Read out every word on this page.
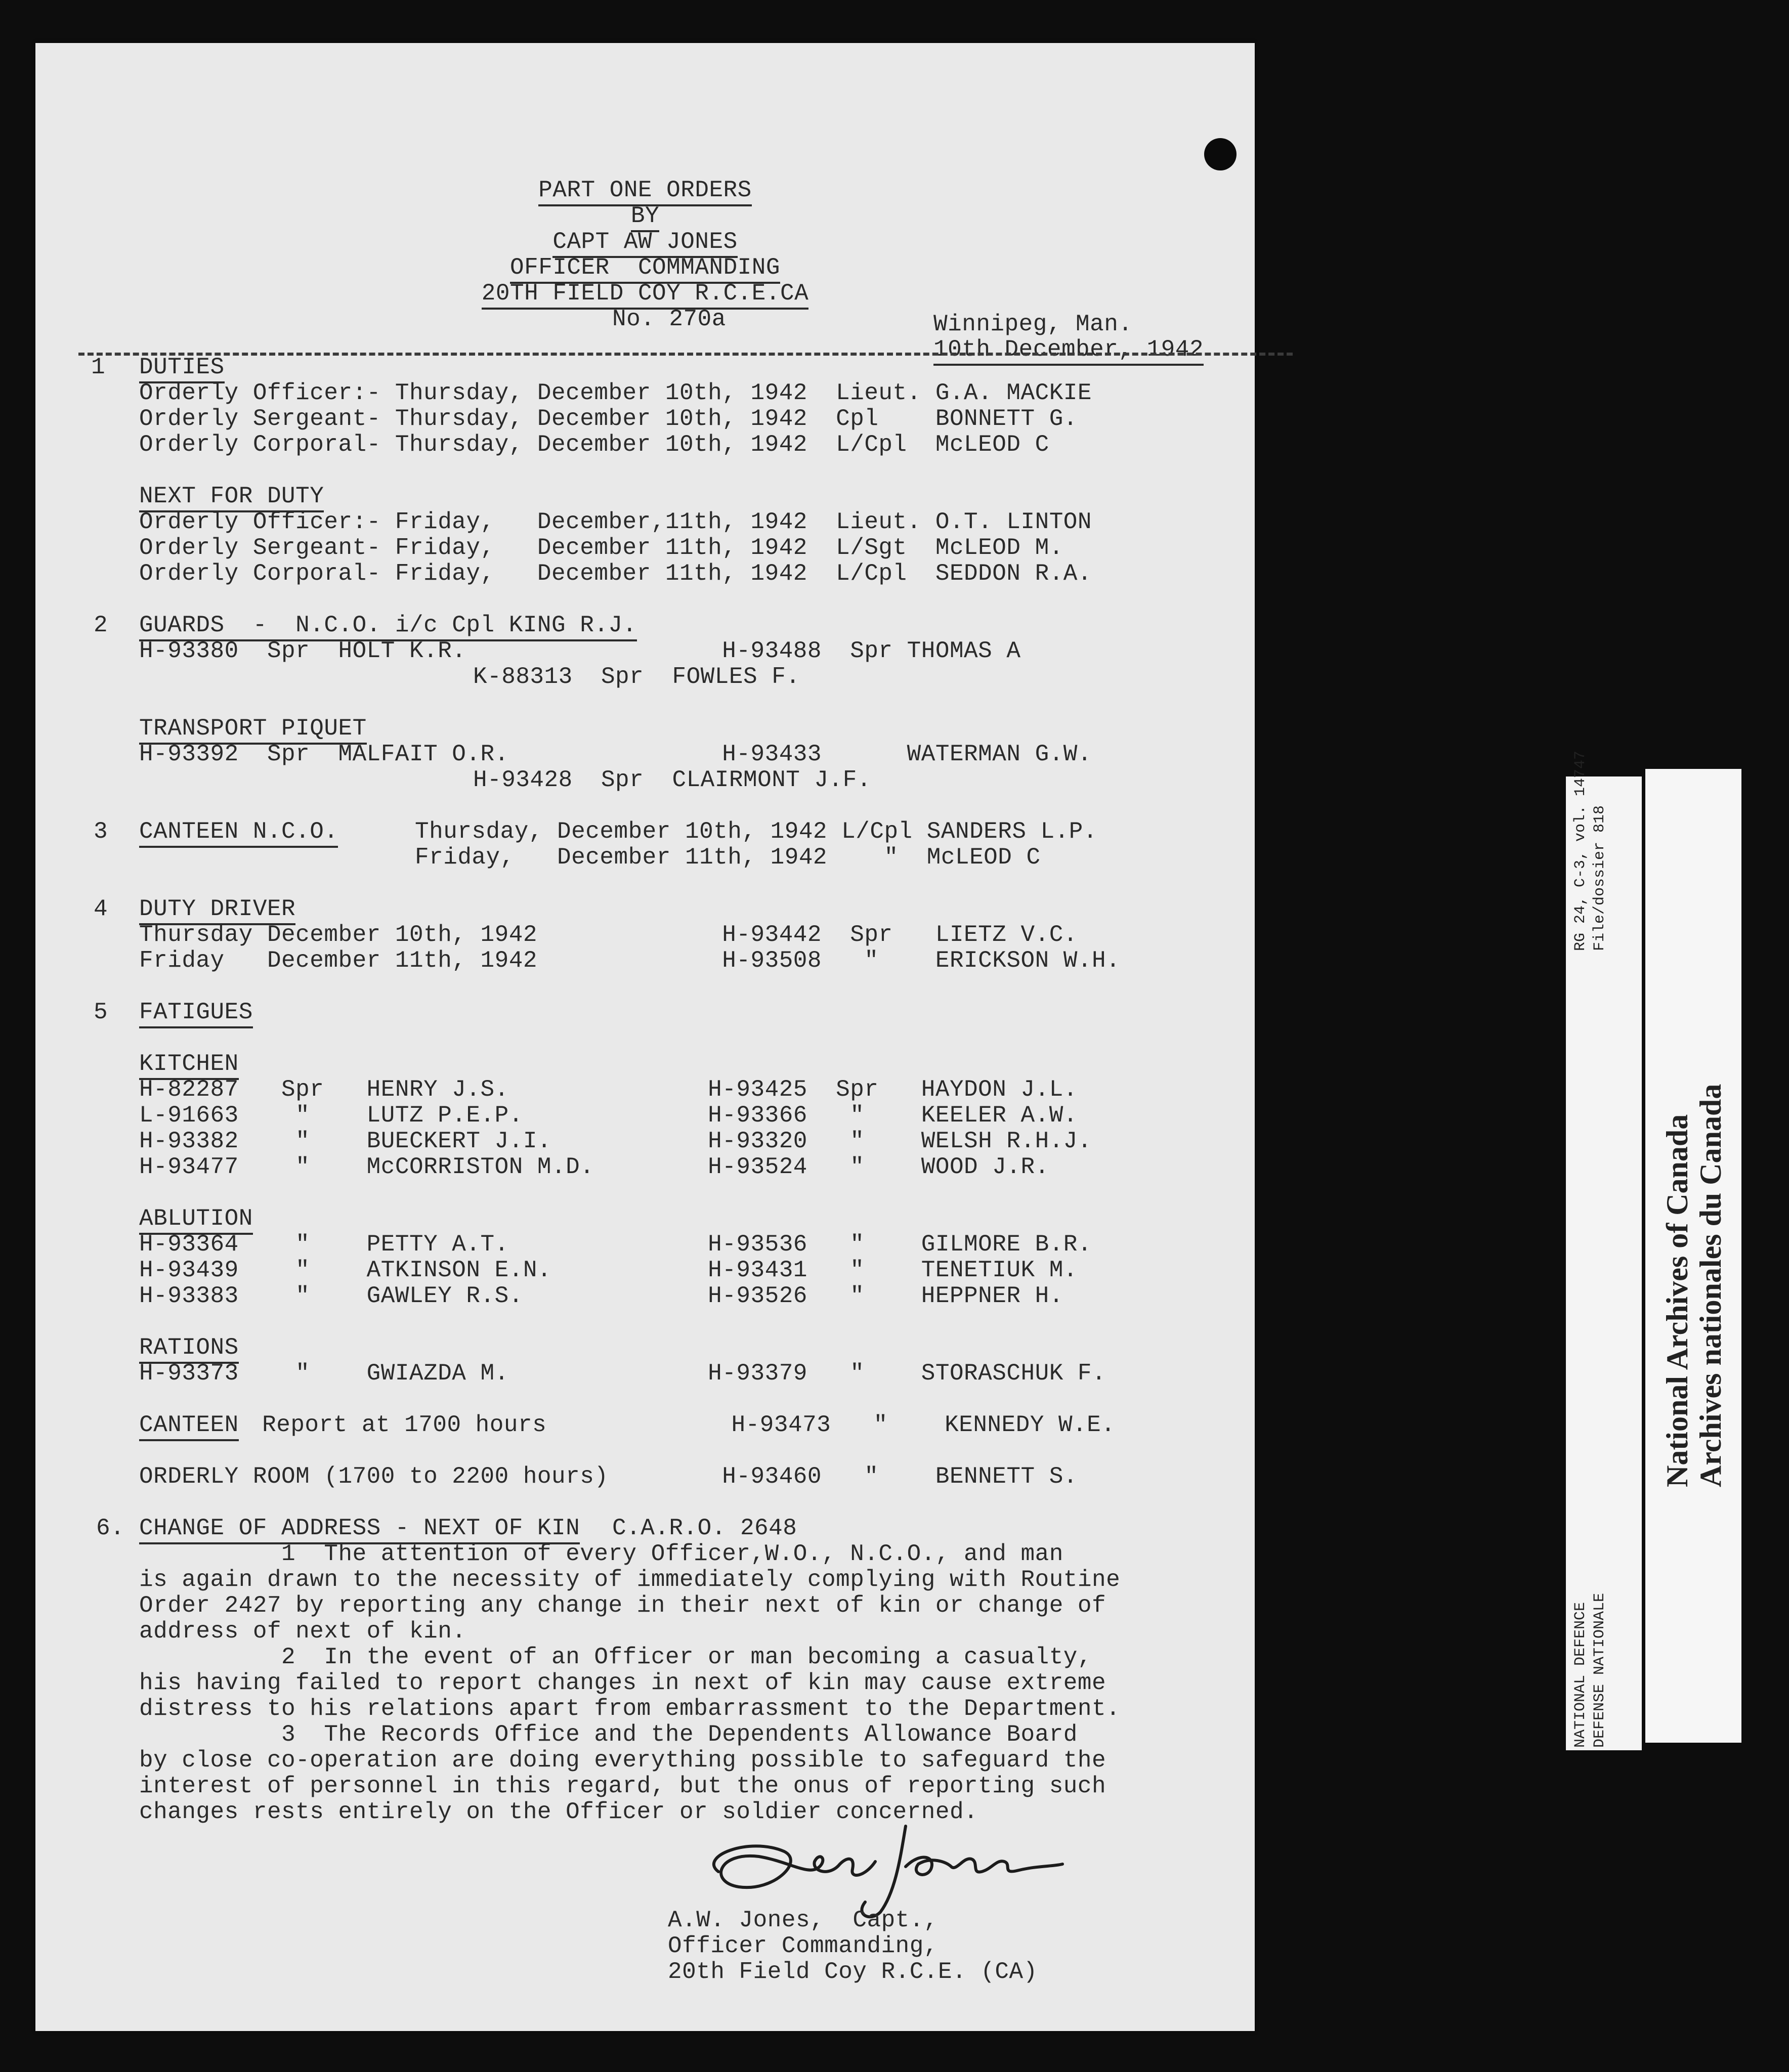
PART ONE ORDERS
BY
CAPT AW JONES
OFFICER  COMMANDING
20TH FIELD COY R.C.E.CA
No. 270a	Winnipeg, Man.
10th December, 1942
1 DUTIES
Orderly Officer:- Thursday, December 10th, 1942  Lieut. G.A. MACKIE
Orderly Sergeant- Thursday, December 10th, 1942  Cpl    BONNETT G.
Orderly Corporal- Thursday, December 10th, 1942  L/Cpl  McLEOD C
NEXT FOR DUTY
Orderly Officer:- Friday,   December,11th, 1942  Lieut. O.T. LINTON
Orderly Sergeant- Friday,   December 11th, 1942  L/Sgt  McLEOD M.
Orderly Corporal- Friday,   December 11th, 1942  L/Cpl  SEDDON R.A.
2 GUARDS  -  N.C.O. i/c Cpl KING R.J.
H-93380  Spr  HOLT K.R.                  H-93488  Spr THOMAS A
K-88313  Spr  FOWLES F.
TRANSPORT PIQUET
H-93392  Spr  MALFAIT O.R.               H-93433      WATERMAN G.W.
H-93428  Spr  CLAIRMONT J.F.
3 CANTEEN N.C.O.	Thursday, December 10th, 1942 L/Cpl SANDERS L.P.
Friday,   December 11th, 1942    "  McLEOD C
4 DUTY DRIVER
Thursday December 10th, 1942             H-93442  Spr   LIETZ V.C.
Friday   December 11th, 1942             H-93508   "    ERICKSON W.H.
5 FATIGUES
KITCHEN
H-82287   Spr   HENRY J.S.              H-93425  Spr   HAYDON J.L.
L-91663    "    LUTZ P.E.P.             H-93366   "    KEELER A.W.
H-93382    "    BUECKERT J.I.           H-93320   "    WELSH R.H.J.
H-93477    "    McCORRISTON M.D.        H-93524   "    WOOD J.R.
ABLUTION
H-93364    "    PETTY A.T.              H-93536   "    GILMORE B.R.
H-93439    "    ATKINSON E.N.           H-93431   "    TENETIUK M.
H-93383    "    GAWLEY R.S.             H-93526   "    HEPPNER H.
RATIONS
H-93373    "    GWIAZDA M.              H-93379   "    STORASCHUK F.
CANTEEN Report at 1700 hours             H-93473   "    KENNEDY W.E.
ORDERLY ROOM (1700 to 2200 hours)        H-93460   "    BENNETT S.
6. CHANGE OF ADDRESS - NEXT OF KIN C.A.R.O. 2648
1  The attention of every Officer,W.O., N.C.O., and man
is again drawn to the necessity of immediately complying with Routine
Order 2427 by reporting any change in their next of kin or change of
address of next of kin.
2  In the event of an Officer or man becoming a casualty,
his having failed to report changes in next of kin may cause extreme
distress to his relations apart from embarrassment to the Department.
3  The Records Office and the Dependents Allowance Board
by close co-operation are doing everything possible to safeguard the
interest of personnel in this regard, but the onus of reporting such
changes rests entirely on the Officer or soldier concerned.
A.W. Jones,  Capt.,
Officer Commanding,
20th Field Coy R.C.E. (CA)
RG 24, C-3, vol. 14747 File/dossier 818
NATIONAL DEFENCE DEFENSE NATIONALE
National Archives of Canada Archives nationales du Canada
